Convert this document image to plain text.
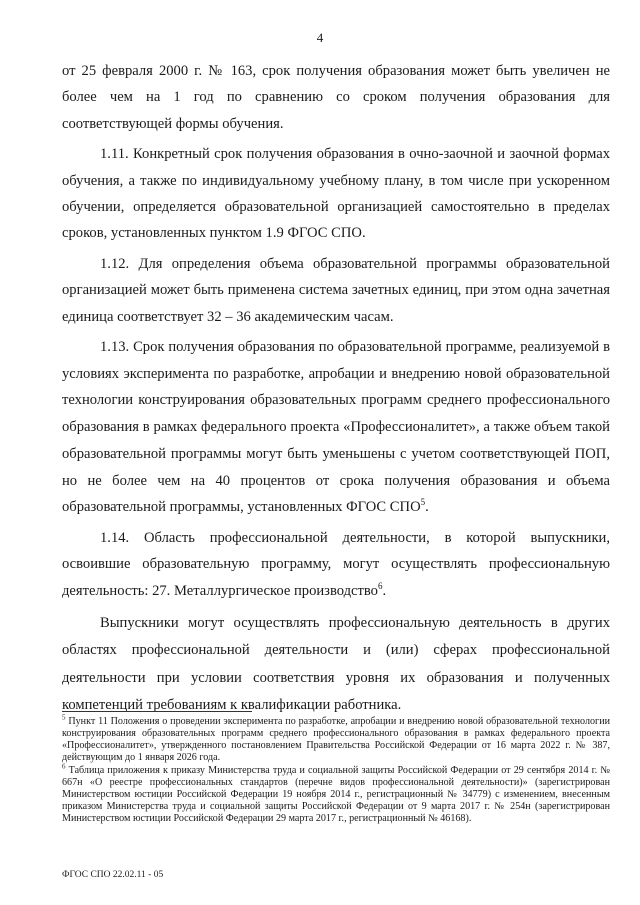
4

от 25 февраля 2000 г. № 163, срок получения образования может быть увеличен не более чем на 1 год по сравнению со сроком получения образования для соответствующей формы обучения.

1.11. Конкретный срок получения образования в очно-заочной и заочной формах обучения, а также по индивидуальному учебному плану, в том числе при ускоренном обучении, определяется образовательной организацией самостоятельно в пределах сроков, установленных пунктом 1.9 ФГОС СПО.

1.12. Для определения объема образовательной программы образовательной организацией может быть применена система зачетных единиц, при этом одна зачетная единица соответствует 32 – 36 академическим часам.

1.13. Срок получения образования по образовательной программе, реализуемой в условиях эксперимента по разработке, апробации и внедрению новой образовательной технологии конструирования образовательных программ среднего профессионального образования в рамках федерального проекта «Профессионалитет», а также объем такой образовательной программы могут быть уменьшены с учетом соответствующей ПОП, но не более чем на 40 процентов от срока получения образования и объема образовательной программы, установленных ФГОС СПО$^5$.

1.14. Область профессиональной деятельности, в которой выпускники, освоившие образовательную программу, могут осуществлять профессиональную деятельность: 27. Металлургическое производство$^6$.

Выпускники могут осуществлять профессиональную деятельность в других областях профессиональной деятельности и (или) сферах профессиональной деятельности при условии соответствия уровня их образования и полученных компетенций требованиям к квалификации работника.

$^5$ Пункт 11 Положения о проведении эксперимента по разработке, апробации и внедрению новой образовательной технологии конструирования образовательных программ среднего профессионального образования в рамках федерального проекта «Профессионалитет», утвержденного постановлением Правительства Российской Федерации от 16 марта 2022 г. № 387, действующим до 1 января 2026 года.

$^6$ Таблица приложения к приказу Министерства труда и социальной защиты Российской Федерации от 29 сентября 2014 г. № 667н «О реестре профессиональных стандартов (перечне видов профессиональной деятельности)» (зарегистрирован Министерством юстиции Российской Федерации 19 ноября 2014 г., регистрационный № 34779) с изменением, внесенным приказом Министерства труда и социальной защиты Российской Федерации от 9 марта 2017 г. № 254н (зарегистрирован Министерством юстиции Российской Федерации 29 марта 2017 г., регистрационный № 46168).

ФГОС СПО 22.02.11 - 05
